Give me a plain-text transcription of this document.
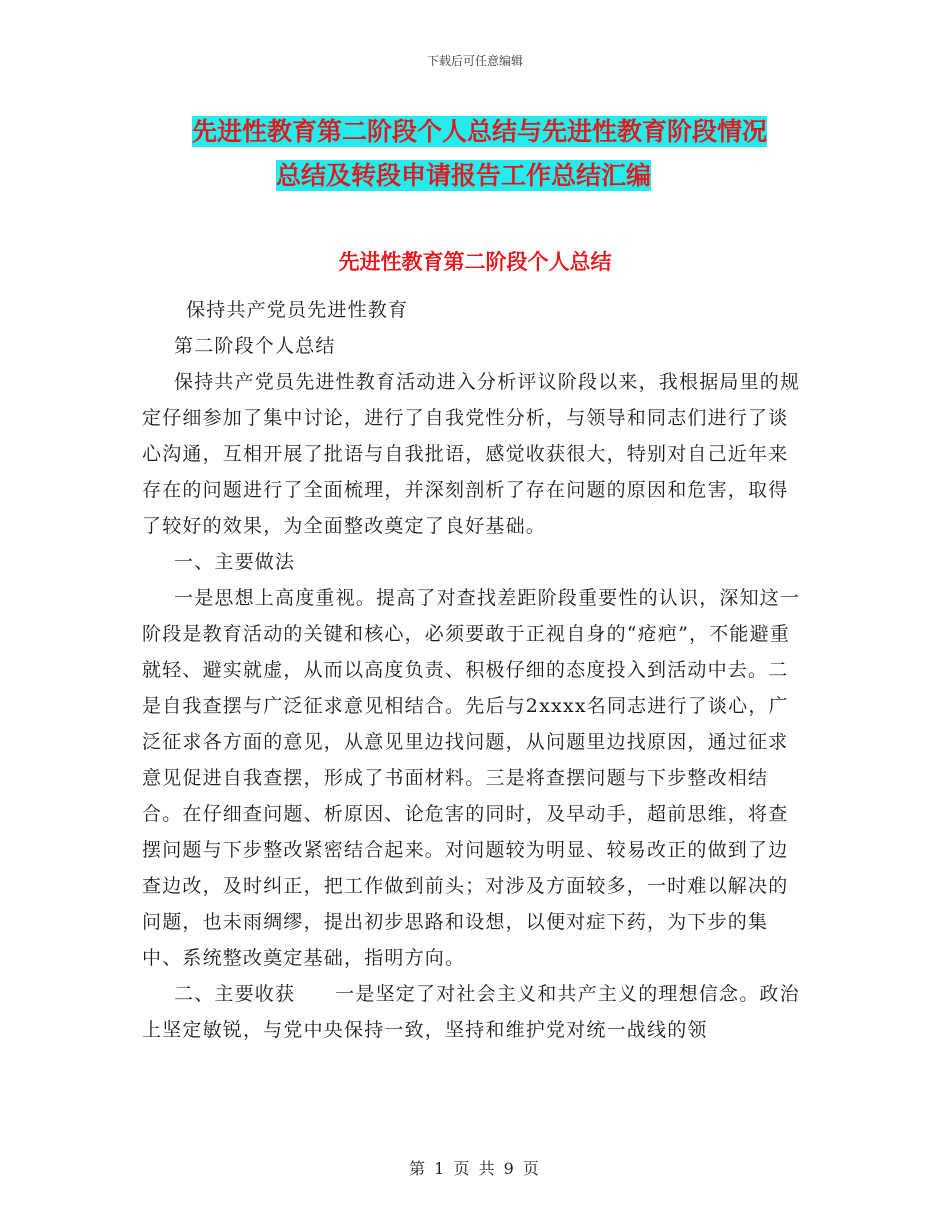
下载后可任意编辑
先进性教育第二阶段个人总结与先进性教育阶段情况
总结及转段申请报告工作总结汇编
先进性教育第二阶段个人总结

保持共产党员先进性教育

第二阶段个人总结

保持共产党员先进性教育活动进入分析评议阶段以来，我根据局里的规定仔细参加了集中讨论，进行了自我党性分析，与领导和同志们进行了谈心沟通，互相开展了批语与自我批语，感觉收获很大，特别对自己近年来存在的问题进行了全面梳理，并深刻剖析了存在问题的原因和危害，取得了较好的效果，为全面整改奠定了良好基础。

一、主要做法

一是思想上高度重视。提高了对查找差距阶段重要性的认识，深知这一阶段是教育活动的关键和核心，必须要敢于正视自身的“疮疤”，不能避重就轻、避实就虚，从而以高度负责、积极仔细的态度投入到活动中去。二是自我查摆与广泛征求意见相结合。先后与2xxxx名同志进行了谈心，广泛征求各方面的意见，从意见里边找问题，从问题里边找原因，通过征求意见促进自我查摆，形成了书面材料。三是将查摆问题与下步整改相结合。在仔细查问题、析原因、论危害的同时，及早动手，超前思维，将查摆问题与下步整改紧密结合起来。对问题较为明显、较易改正的做到了边查边改，及时纠正，把工作做到前头；对涉及方面较多，一时难以解决的问题，也未雨绸缪，提出初步思路和设想，以便对症下药，为下步的集中、系统整改奠定基础，指明方向。

二、主要收获 一是坚定了对社会主义和共产主义的理想信念。政治上坚定敏锐，与党中央保持一致，坚持和维护党对统一战线的领

第 1 页 共 9 页
